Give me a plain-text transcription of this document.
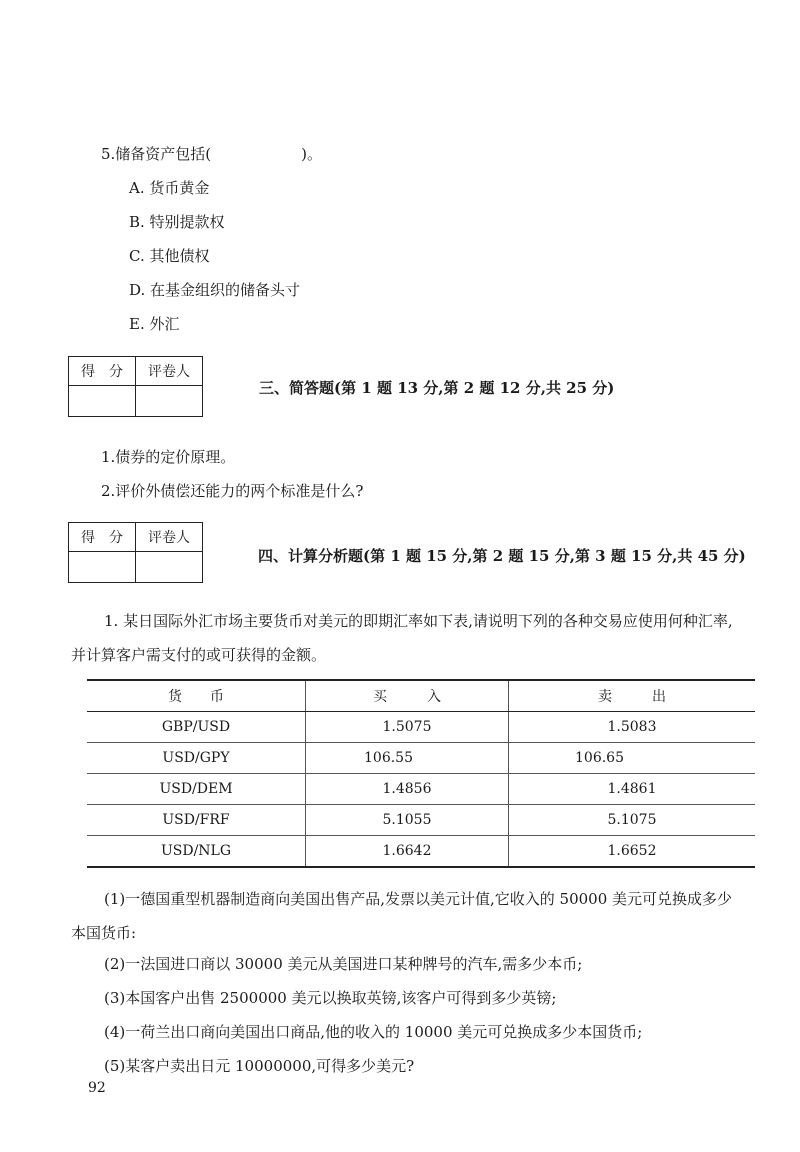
5.储备资产包括(　　　　　　)。
A. 货币黄金
B. 特别提款权
C. 其他债权
D. 在基金组织的储备头寸
E. 外汇
得　分	评卷人

三、简答题(第 1 题 13 分,第 2 题 12 分,共 25 分)
1.债券的定价原理。
2.评价外债偿还能力的两个标准是什么?
得　分	评卷人

四、计算分析题(第 1 题 15 分,第 2 题 15 分,第 3 题 15 分,共 45 分)
1. 某日国际外汇市场主要货币对美元的即期汇率如下表,请说明下列的各种交易应使用何种汇率,并计算客户需支付的或可获得的金额。
货币	买入	卖出
GBP/USD	1.5075	1.5083
USD/GPY	106.55	106.65
USD/DEM	1.4856	1.4861
USD/FRF	5.1055	5.1075
USD/NLG	1.6642	1.6652
(1)一德国重型机器制造商向美国出售产品,发票以美元计值,它收入的 50000 美元可兑换成多少本国货币:
(2)一法国进口商以 30000 美元从美国进口某种牌号的汽车,需多少本币;
(3)本国客户出售 2500000 美元以换取英镑,该客户可得到多少英镑;
(4)一荷兰出口商向美国出口商品,他的收入的 10000 美元可兑换成多少本国货币;
(5)某客户卖出日元 10000000,可得多少美元?
92
